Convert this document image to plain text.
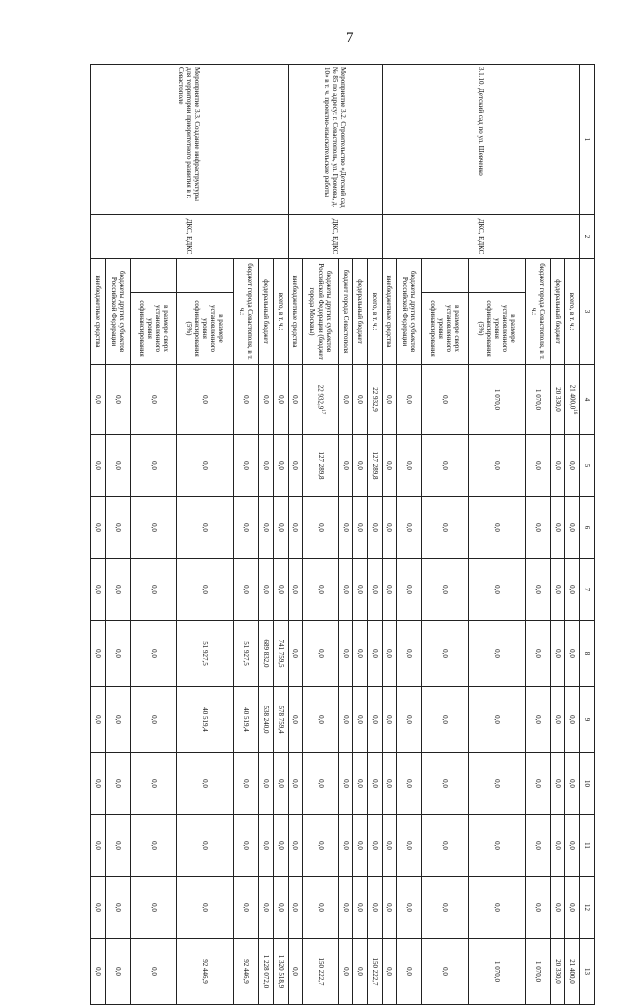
7
1	2	3		4	5	6	7	8	9	10	11	12	13
3.1.10. Детский сад по ул. Шевченко	ДКС, ЕДКС	всего, в т. ч.:		21 400,0$^{16}$	0,0	0,0	0,0	0,0	0,0	0,0	0,0	0,0	21 400,0
		федеральный бюджет		20 330,0	0,0	0,0	0,0	0,0	0,0	0,0	0,0	0,0	20 330,0
		бюджет города Севастополя, в т. ч.:		1 070,0	0,0	0,0	0,0	0,0	0,0	0,0	0,0	0,0	1 070,0
			в размере установленного уровня софинансирования (5%)	1 070,0	0,0	0,0	0,0	0,0	0,0	0,0	0,0	0,0	1 070,0
			в размере сверх установленного уровня софинансирования	0,0	0,0	0,0	0,0	0,0	0,0	0,0	0,0	0,0	0,0
		бюджеты других субъектов Российской Федерации		0,0	0,0	0,0	0,0	0,0	0,0	0,0	0,0	0,0	0,0
		внебюджетные средства		0,0	0,0	0,0	0,0	0,0	0,0	0,0	0,0	0,0	0,0
Мероприятие 3.2. Строительство «Детский сад № 85 по адресу: г. Севастополь, ул. Громова, д. 10» в т. ч. проектно-изыскательские работы	ДКС, ЕДКС	всего, в т. ч.:		22 932,9	127 289,8	0,0	0,0	0,0	0,0	0,0	0,0	0,0	150 222,7
		федеральный бюджет		0,0	0,0	0,0	0,0	0,0	0,0	0,0	0,0	0,0	0,0
		бюджет города Севастополя		0,0	0,0	0,0	0,0	0,0	0,0	0,0	0,0	0,0	0,0
		бюджеты других субъектов Российской Федерации (бюджет города Москвы)		22 932,9$^{17}$	127 289,8	0,0	0,0	0,0	0,0	0,0	0,0	0,0	150 222,7
		внебюджетные средства		0,0	0,0	0,0	0,0	0,0	0,0	0,0	0,0	0,0	0,0
Мероприятие 3.3. Создание инфраструктуры для территории приоритетного развития в г. Севастополе	ДКС, ЕДКС	всего, в т. ч.:		0,0	0,0	0,0	0,0	741 759,5	578 759,4	0,0	0,0	0,0	1 320 518,9
		федеральный бюджет		0,0	0,0	0,0	0,0	689 832,0	538 240,0	0,0	0,0	0,0	1 228 072,0
		бюджет города Севастополя, в т. ч.:		0,0	0,0	0,0	0,0	51 927,5	40 519,4	0,0	0,0	0,0	92 446,9
			в размере установленного уровня софинансирования (5%)	0,0	0,0	0,0	0,0	51 927,5	40 519,4	0,0	0,0	0,0	92 446,9
			в размере сверх установленного уровня софинансирования	0,0	0,0	0,0	0,0	0,0	0,0	0,0	0,0	0,0	0,0
		бюджеты других субъектов Российской Федерации		0,0	0,0	0,0	0,0	0,0	0,0	0,0	0,0	0,0	0,0
		внебюджетные средства		0,0	0,0	0,0	0,0	0,0	0,0	0,0	0,0	0,0	0,0
